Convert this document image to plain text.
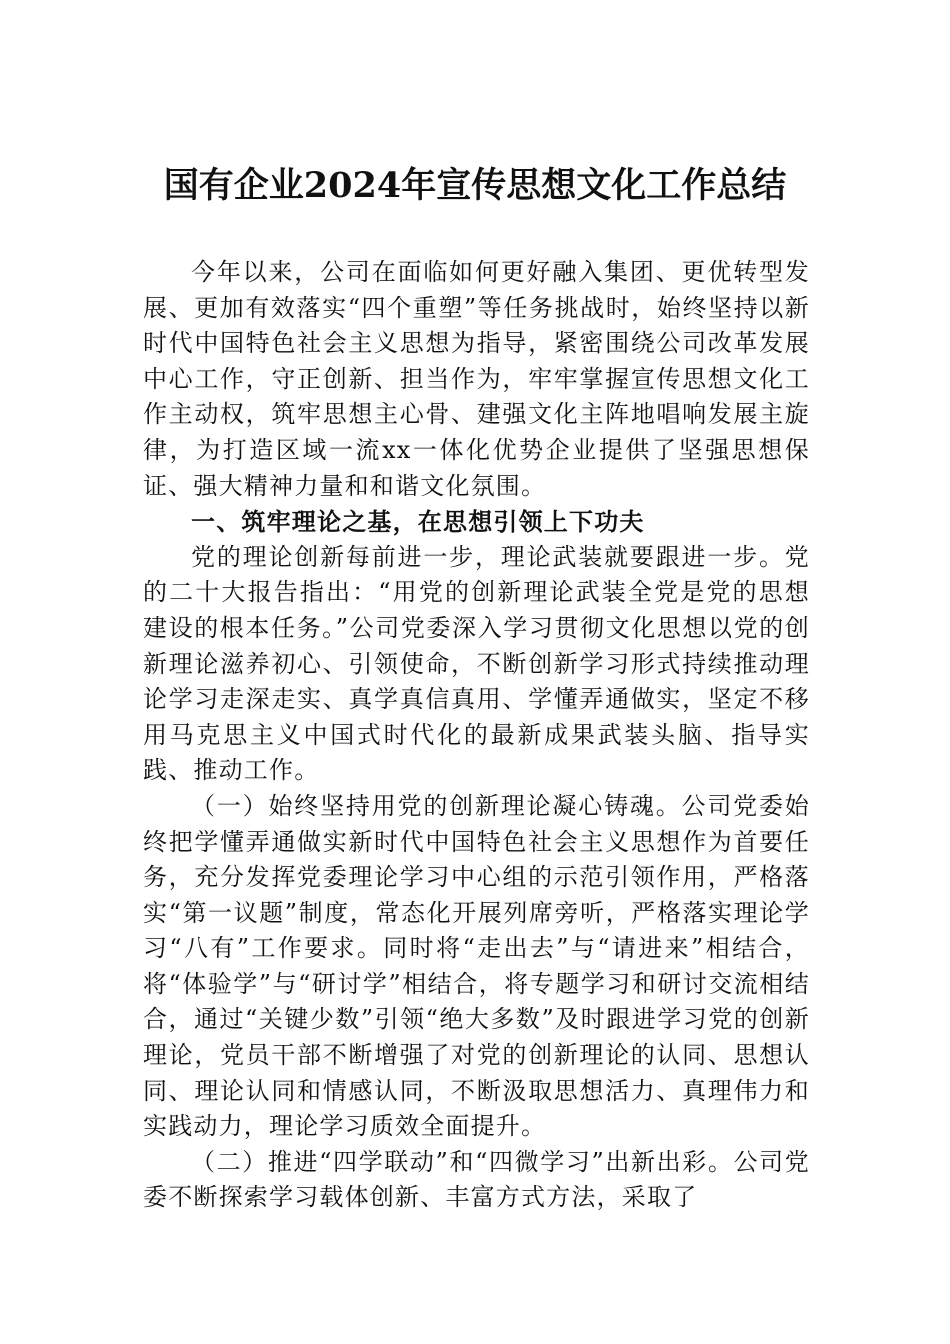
国有企业2024年宣传思想文化工作总结

今年以来，公司在面临如何更好融入集团、更优转型发展、更加有效落实“四个重塑”等任务挑战时，始终坚持以新时代中国特色社会主义思想为指导，紧密围绕公司改革发展中心工作，守正创新、担当作为，牢牢掌握宣传思想文化工作主动权，筑牢思想主心骨、建强文化主阵地唱响发展主旋律，为打造区域一流xx一体化优势企业提供了坚强思想保证、强大精神力量和和谐文化氛围。

一、筑牢理论之基，在思想引领上下功夫

党的理论创新每前进一步，理论武装就要跟进一步。党的二十大报告指出：“用党的创新理论武装全党是党的思想建设的根本任务。”公司党委深入学习贯彻文化思想以党的创新理论滋养初心、引领使命，不断创新学习形式持续推动理论学习走深走实、真学真信真用、学懂弄通做实，坚定不移用马克思主义中国式时代化的最新成果武装头脑、指导实践、推动工作。

（一）始终坚持用党的创新理论凝心铸魂。公司党委始终把学懂弄通做实新时代中国特色社会主义思想作为首要任务，充分发挥党委理论学习中心组的示范引领作用，严格落实“第一议题”制度，常态化开展列席旁听，严格落实理论学习“八有”工作要求。同时将“走出去”与“请进来”相结合，将“体验学”与“研讨学”相结合，将专题学习和研讨交流相结合，通过“关键少数”引领“绝大多数”及时跟进学习党的创新理论，党员干部不断增强了对党的创新理论的认同、思想认同、理论认同和情感认同，不断汲取思想活力、真理伟力和实践动力，理论学习质效全面提升。

（二）推进“四学联动”和“四微学习”出新出彩。公司党委不断探索学习载体创新、丰富方式方法，采取了
